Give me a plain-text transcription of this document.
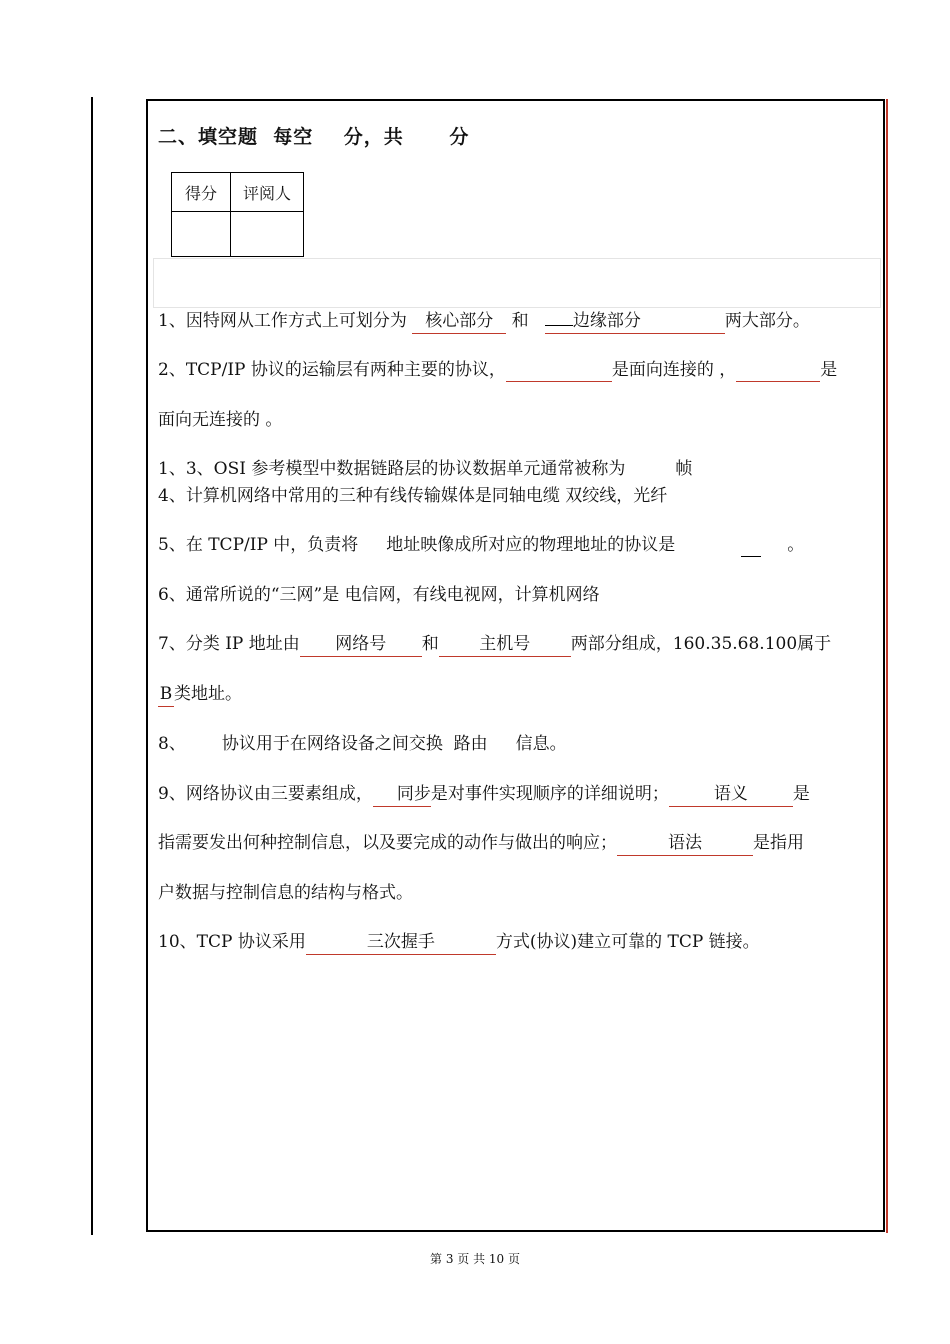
二、填空题  每空    分，共      分
得分	评阅人

1、因特网从工作方式上可划分为 核心部分 和   边缘部分	两大部分。
2、TCP/IP 协议的运输层有两种主要的协议，	是面向连接的 ，	是
面向无连接的 。
1、3、OSI 参考模型中数据链路层的协议数据单元通常被称为	帧
4、计算机网络中常用的三种有线传输媒体是同轴电缆 双绞线，光纤
5、在 TCP/IP 中，负责将 地址映像成所对应的物理地址的协议是	。
6、通常所说的“三网”是 电信网，有线电视网，计算机网络
7、分类 IP 地址由 网络号 和 主机号 两部分组成，160.35.68.100属于
B 类地址。
8、 协议用于在网络设备之间交换 路由 信息。
9、网络协议由三要素组成， 同步是对事件实现顺序的详细说明；	语义	是
指需要发出何种控制信息，以及要完成的动作与做出的响应；	语法	是指用
户数据与控制信息的结构与格式。
10、TCP 协议采用	三次握手	方式(协议)建立可靠的 TCP 链接。
第 3 页 共 10 页
